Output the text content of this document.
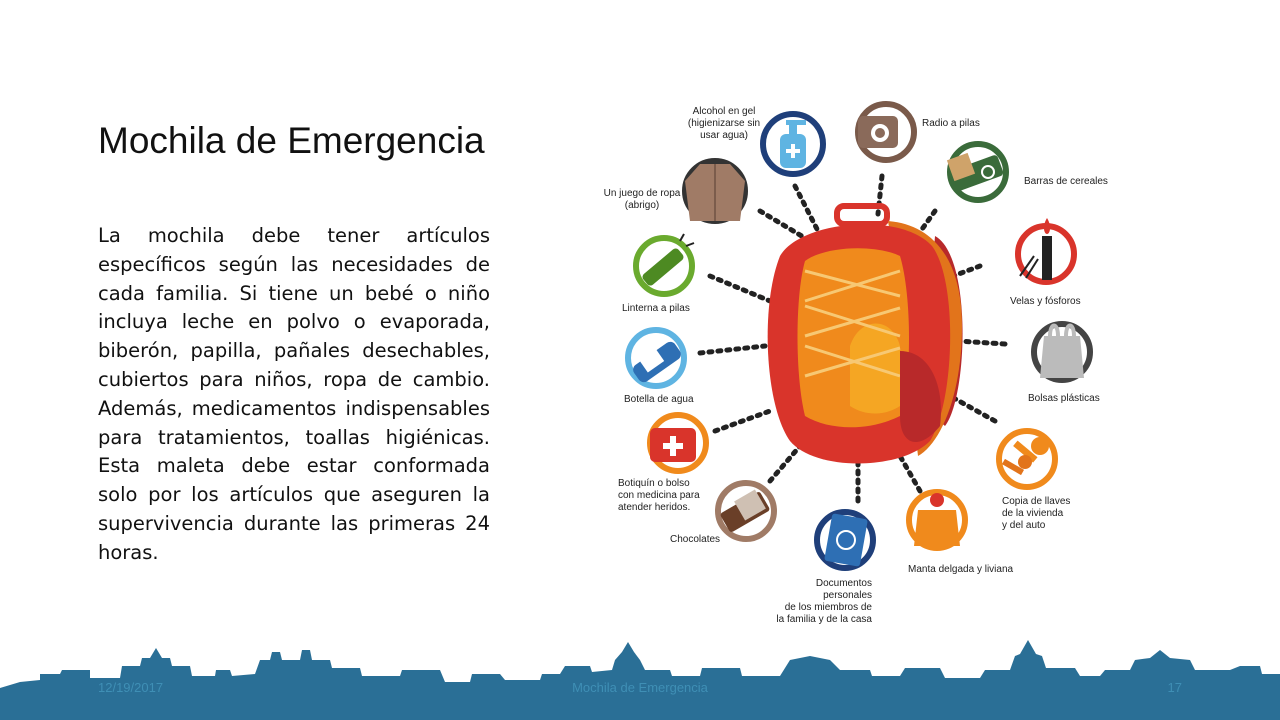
Mochila de Emergencia

La mochila debe tener artículos específicos según las necesidades de cada familia. Si tiene un bebé o niño incluya leche en polvo o evaporada, biberón, papilla, pañales desechables, cubiertos para niños, ropa de cambio. Además, medicamentos indispensables para tratamientos, toallas higiénicas. Esta maleta debe estar conformada solo por los artículos que aseguren la supervivencia durante las primeras 24 horas.

Alcohol en gel
(higienizarse sin
usar agua)
Radio a pilas
Barras de cereales
Un juego de ropa
(abrigo)
Velas y fósforos
Linterna a pilas
Bolsas plásticas
Botella de agua
Copia de llaves
de la vivienda
y del auto
Botiquín o bolso
con medicina para
atender heridos.
Chocolates
Manta delgada y liviana
Documentos personales
de los miembros de
la familia y de la casa
12/19/2017	Mochila de Emergencia	17
